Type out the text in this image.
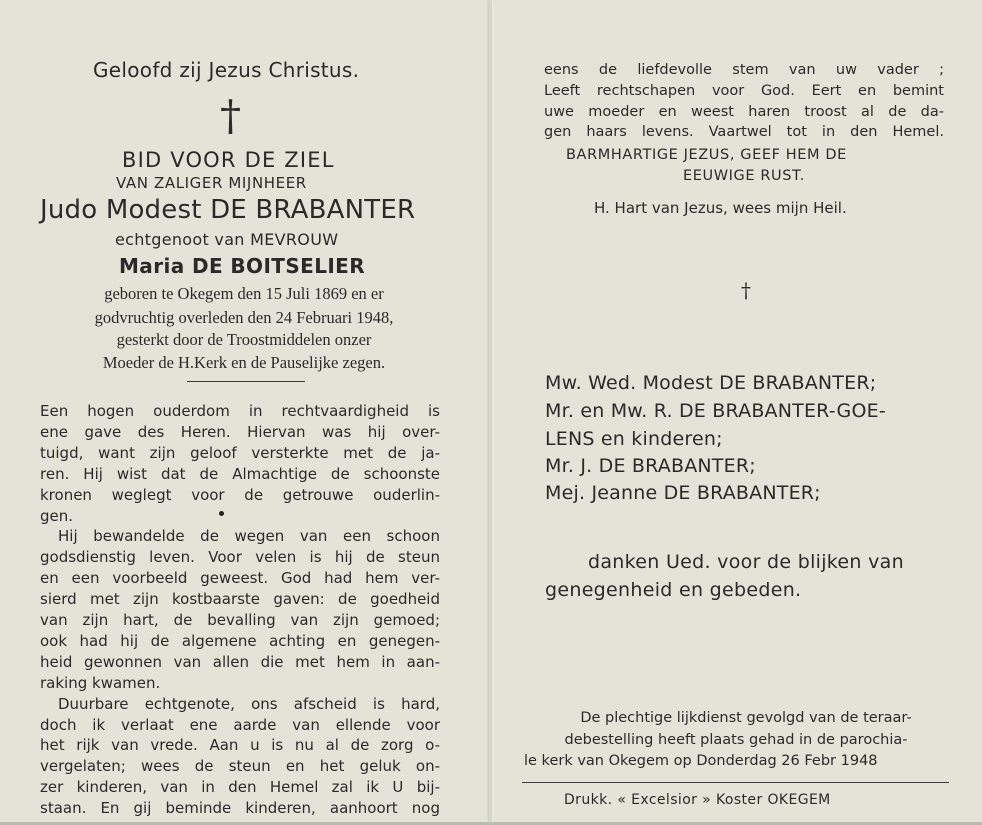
Geloofd zij Jezus Christus.
†
BID VOOR DE ZIEL
VAN ZALIGER MIJNHEER
Judo Modest DE BRABANTER
echtgenoot van MEVROUW
Maria DE BOITSELIER
geboren te Okegem den 15 Juli 1869 en er
godvruchtig overleden den 24 Februari 1948,
gesterkt door de Troostmiddelen onzer
Moeder de H.Kerk en de Pauselijke zegen.
Een hogen ouderdom in rechtvaardigheid is
ene gave des Heren. Hiervan was hij over-
tuigd, want zijn geloof versterkte met de ja-
ren. Hij wist dat de Almachtige de schoonste
kronen weglegt voor de getrouwe ouderlin-
gen.
Hij bewandelde de wegen van een schoon
godsdienstig leven. Voor velen is hij de steun
en een voorbeeld geweest. God had hem ver-
sierd met zijn kostbaarste gaven: de goedheid
van zijn hart, de bevalling van zijn gemoed;
ook had hij de algemene achting en genegen-
heid gewonnen van allen die met hem in aan-
raking kwamen.
Duurbare echtgenote, ons afscheid is hard,
doch ik verlaat ene aarde van ellende voor
het rijk van vrede. Aan u is nu al de zorg o-
vergelaten; wees de steun en het geluk on-
zer kinderen, van in den Hemel zal ik U bij-
staan. En gij beminde kinderen, aanhoort nog
eens de liefdevolle stem van uw vader ;
Leeft rechtschapen voor God. Eert en bemint
uwe moeder en weest haren troost al de da-
gen haars levens. Vaartwel tot in den Hemel.
BARMHARTIGE JEZUS, GEEF HEM DE
EEUWIGE RUST.
H. Hart van Jezus, wees mijn Heil.
†
Mw. Wed. Modest DE BRABANTER;
Mr. en Mw. R. DE BRABANTER-GOE-
LENS en kinderen;
Mr. J. DE BRABANTER;
Mej. Jeanne DE BRABANTER;
danken Ued. voor de blijken van
genegenheid en gebeden.
De plechtige lijkdienst gevolgd van de teraar-
debestelling heeft plaats gehad in de parochia-
le kerk van Okegem op Donderdag 26 Febr 1948
Drukk. « Excelsior » Koster OKEGEM
